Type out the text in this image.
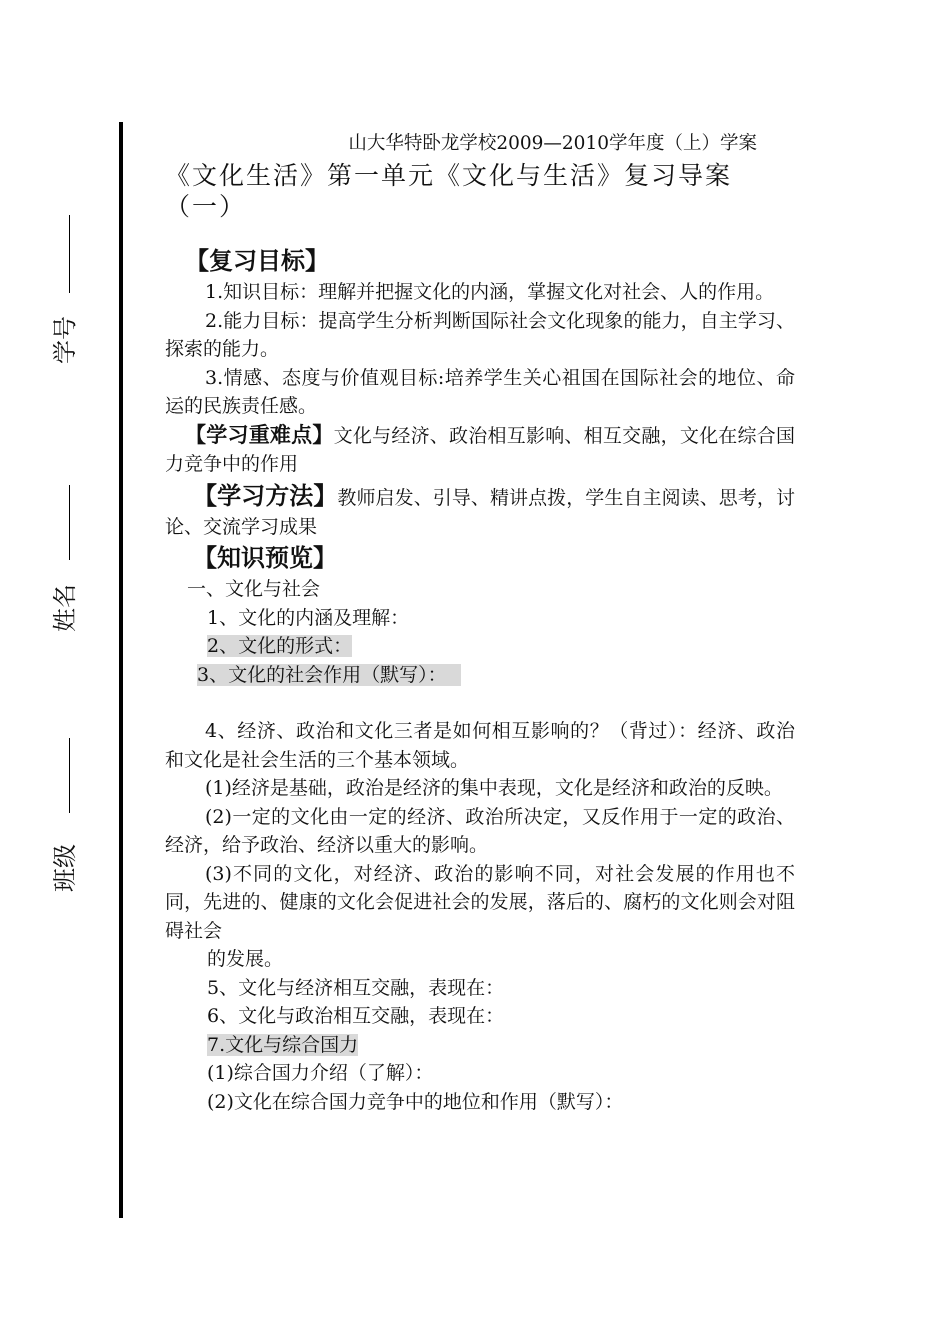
学号
姓名
班级
山大华特卧龙学校2009—2010学年度（上）学案
《文化生活》第一单元《文化与生活》复习导案（一）
【复习目标】

1.知识目标：理解并把握文化的内涵，掌握文化对社会、人的作用。

2.能力目标：提高学生分析判断国际社会文化现象的能力，自主学习、探索的能力。

3.情感、态度与价值观目标:培养学生关心祖国在国际社会的地位、命运的民族责任感。

【学习重难点】文化与经济、政治相互影响、相互交融，文化在综合国力竞争中的作用

【学习方法】教师启发、引导、精讲点拨，学生自主阅读、思考，讨论、交流学习成果

【知识预览】

一、文化与社会

1、文化的内涵及理解：

2、文化的形式：

3、文化的社会作用（默写）：

4、经济、政治和文化三者是如何相互影响的？（背过）：经济、政治和文化是社会生活的三个基本领域。

(1)经济是基础，政治是经济的集中表现，文化是经济和政治的反映。

(2)一定的文化由一定的经济、政治所决定，又反作用于一定的政治、经济，给予政治、经济以重大的影响。

(3)不同的文化，对经济、政治的影响不同，对社会发展的作用也不同，先进的、健康的文化会促进社会的发展，落后的、腐朽的文化则会对阻碍社会

的发展。

5、文化与经济相互交融，表现在：

6、文化与政治相互交融，表现在：

7.文化与综合国力

(1)综合国力介绍（了解）：

(2)文化在综合国力竞争中的地位和作用（默写）：
